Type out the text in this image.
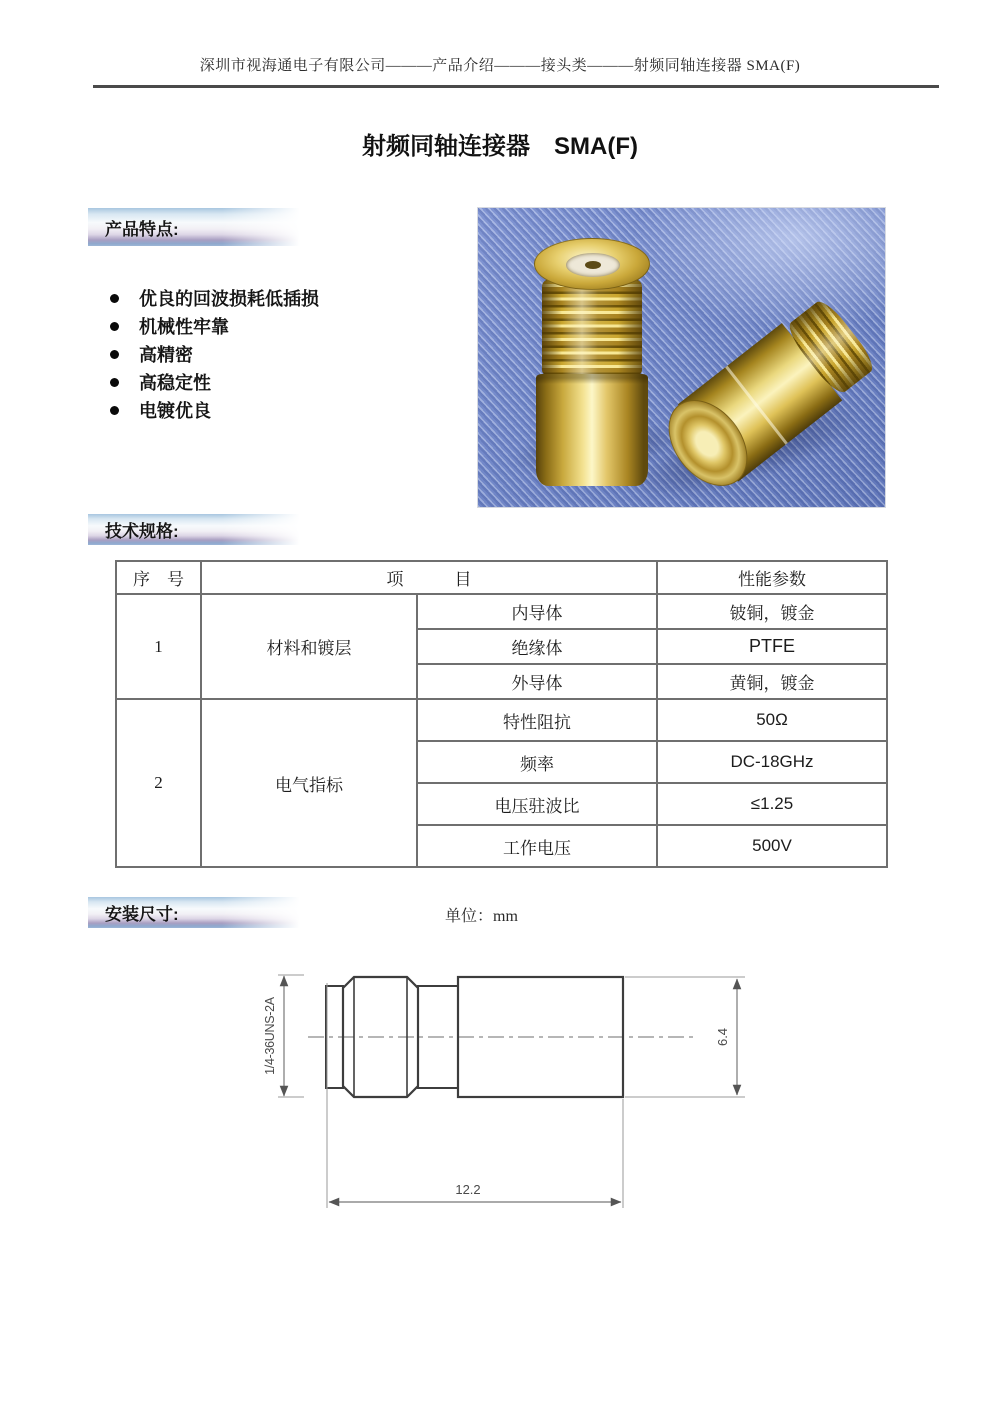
深圳市视海通电子有限公司———产品介绍———接头类———射频同轴连接器 SMA(F)
射频同轴连接器　SMA(F)
产品特点:
优良的回波损耗低插损
机械性牢靠
高精密
高稳定性
电镀优良
技术规格:
序　号	项　　　目		性能参数
1	材料和镀层	内导体	铍铜，镀金
		绝缘体	PTFE
		外导体	黄铜，镀金
2	电气指标	特性阻抗	50Ω
		频率	DC-18GHz
		电压驻波比	≤1.25
		工作电压	500V
安装尺寸:	单位：mm
1/4-36UNS-2A	6.4
12.2
